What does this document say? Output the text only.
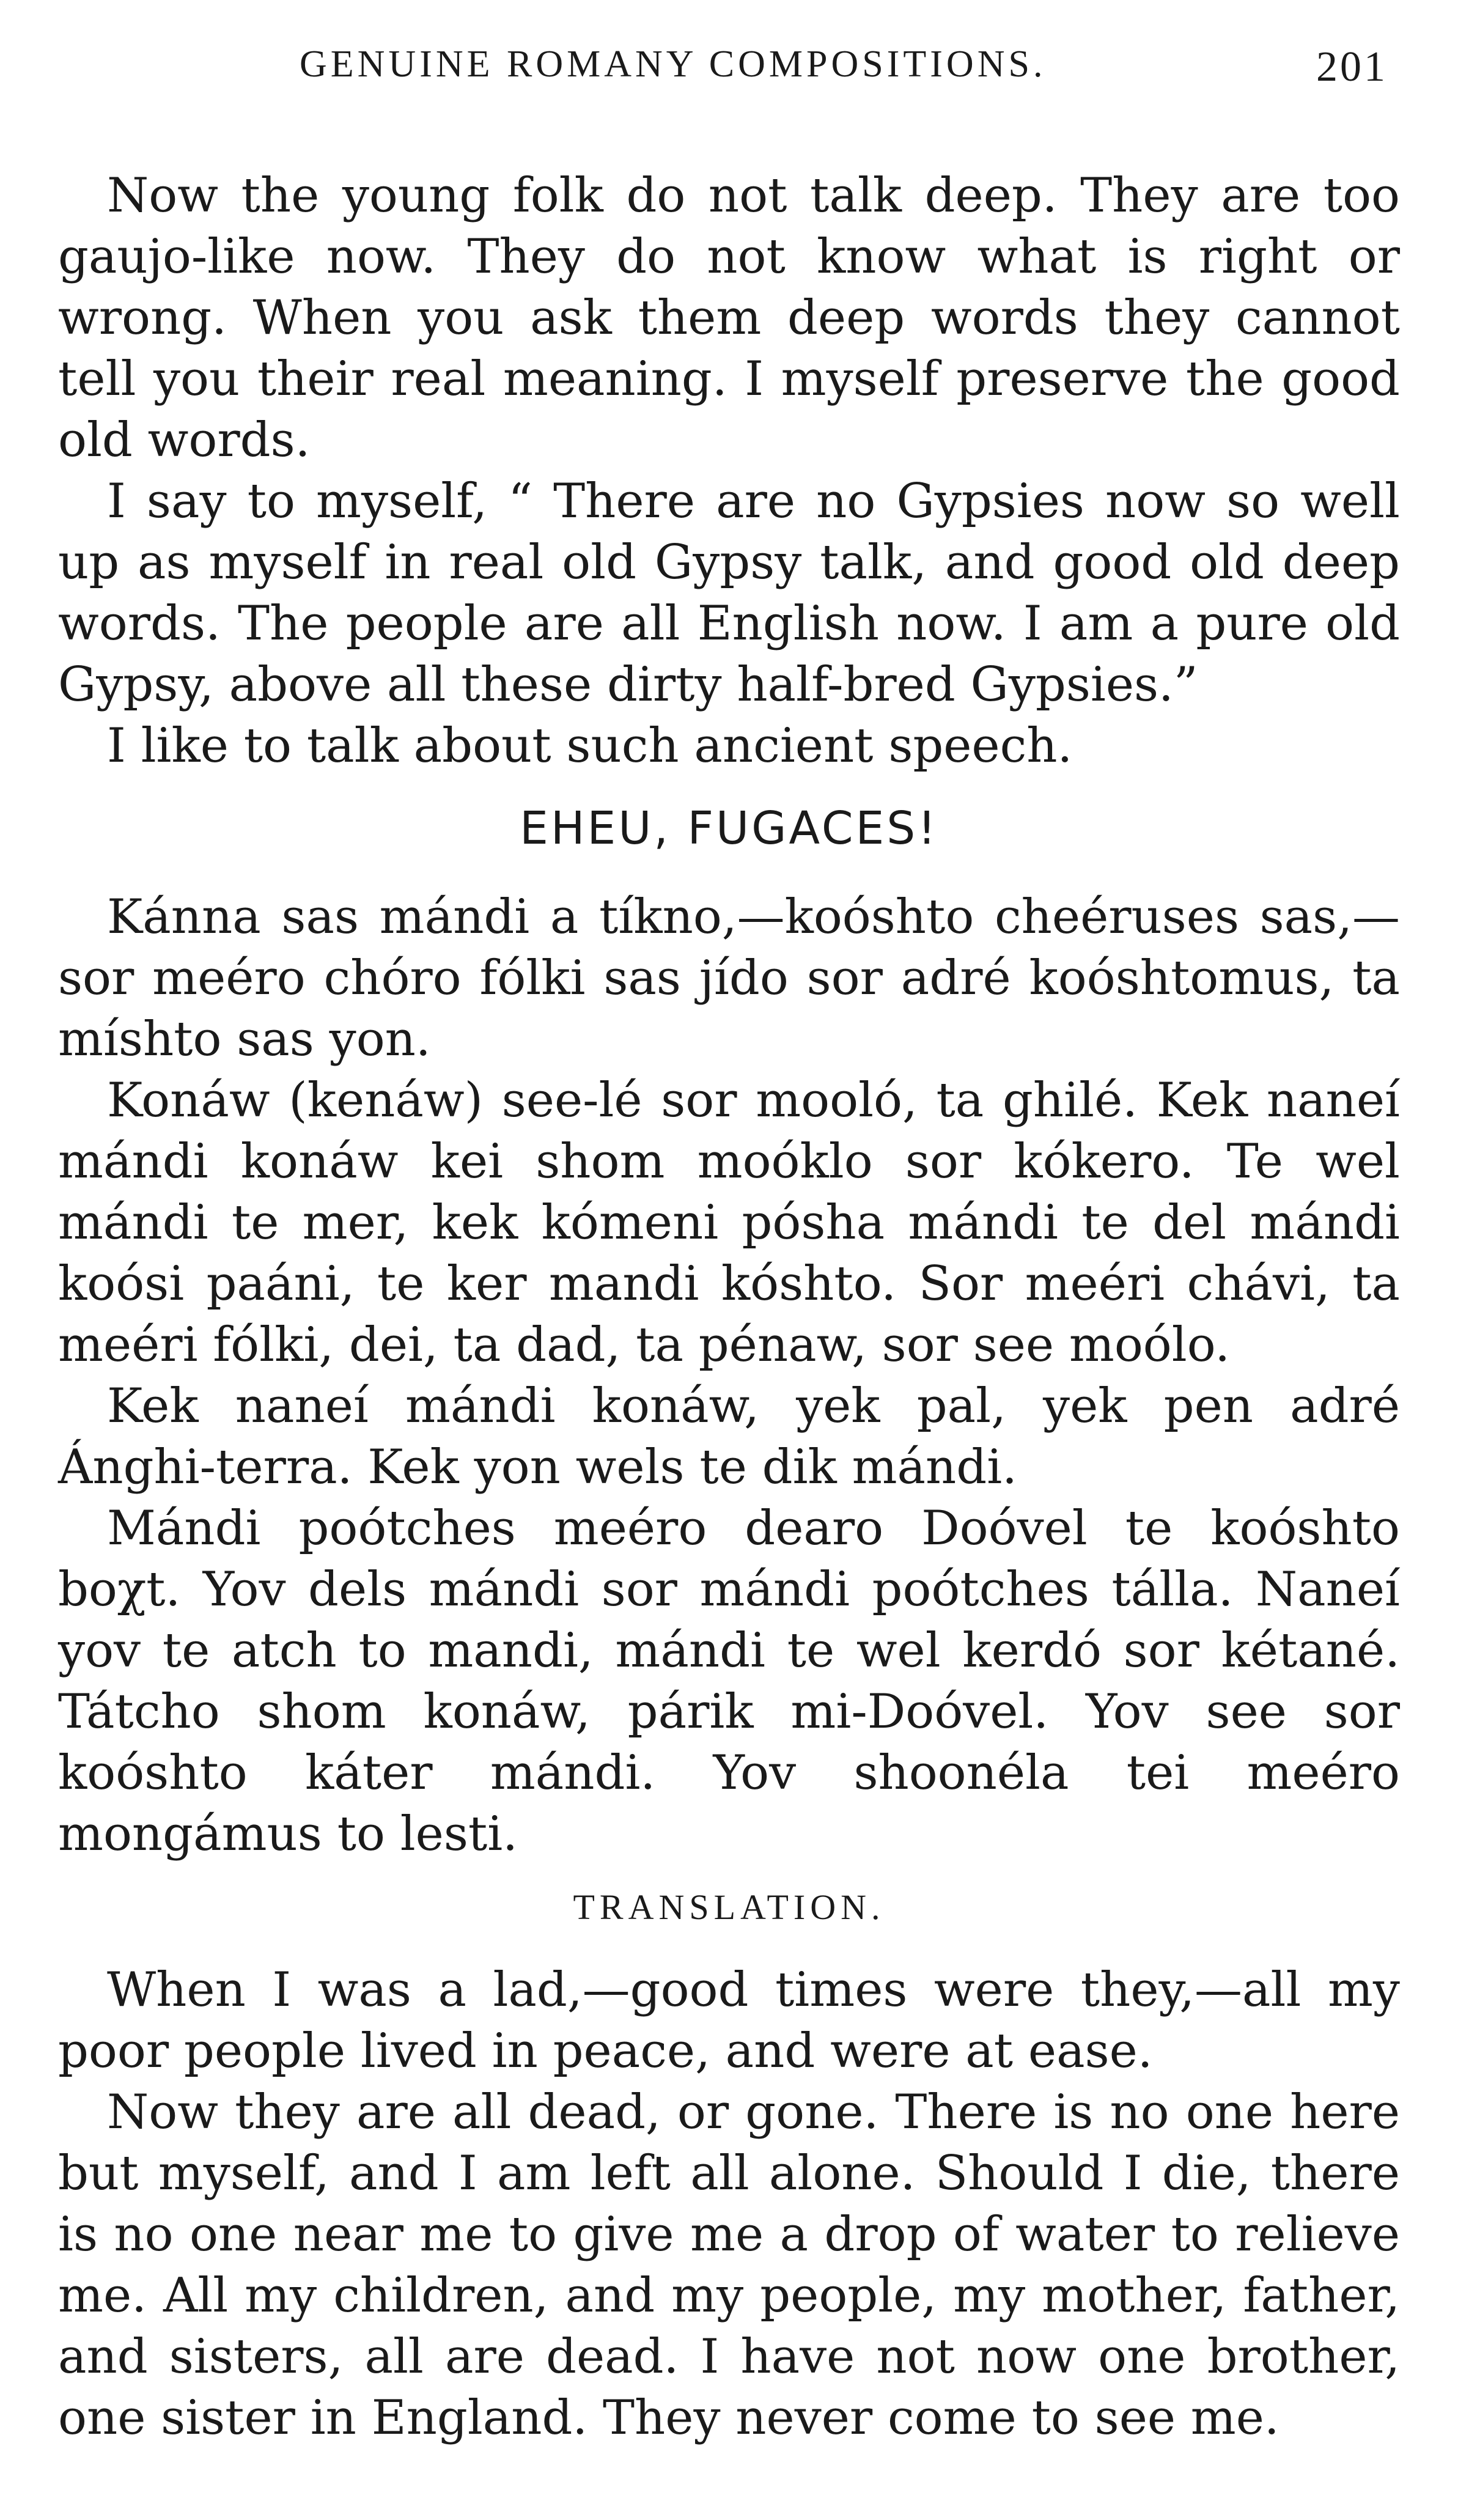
GENUINE ROMANY COMPOSITIONS.	201

Now the young folk do not talk deep. They are too gaujo-like now. They do not know what is right or wrong. When you ask them deep words they cannot tell you their real meaning. I myself preserve the good old words.

I say to myself, “ There are no Gypsies now so well up as myself in real old Gypsy talk, and good old deep words. The people are all English now. I am a pure old Gypsy, above all these dirty half-bred Gypsies.”

I like to talk about such ancient speech.

EHEU, FUGACES!

Kánna sas mándi a tíkno,—koóshto cheéruses sas,—sor meéro chóro fólki sas jído sor adré koóshtomus, ta míshto sas yon.

Konáw (kenáw) see-lé sor mooló, ta ghilé. Kek naneí mándi konáw kei shom moóklo sor kókero. Te wel mándi te mer, kek kómeni pósha mándi te del mándi koósi paáni, te ker mandi kóshto. Sor meéri chávi, ta meéri fólki, dei, ta dad, ta pénaw, sor see moólo.

Kek naneí mándi konáw, yek pal, yek pen adré Ánghi-terra. Kek yon wels te dik mándi.

Mándi poótches meéro dearo Doóvel te koóshto boχt. Yov dels mándi sor mándi poótches tálla. Naneí yov te atch to mandi, mándi te wel kerdó sor kétané. Tátcho shom konáw, párik mi-Doóvel. Yov see sor koóshto káter mándi. Yov shoonéla tei meéro mongámus to lesti.

TRANSLATION.

When I was a lad,—good times were they,—all my poor people lived in peace, and were at ease.

Now they are all dead, or gone. There is no one here but myself, and I am left all alone. Should I die, there is no one near me to give me a drop of water to relieve me. All my children, and my people, my mother, father, and sisters, all are dead. I have not now one brother, one sister in England. They never come to see me.
